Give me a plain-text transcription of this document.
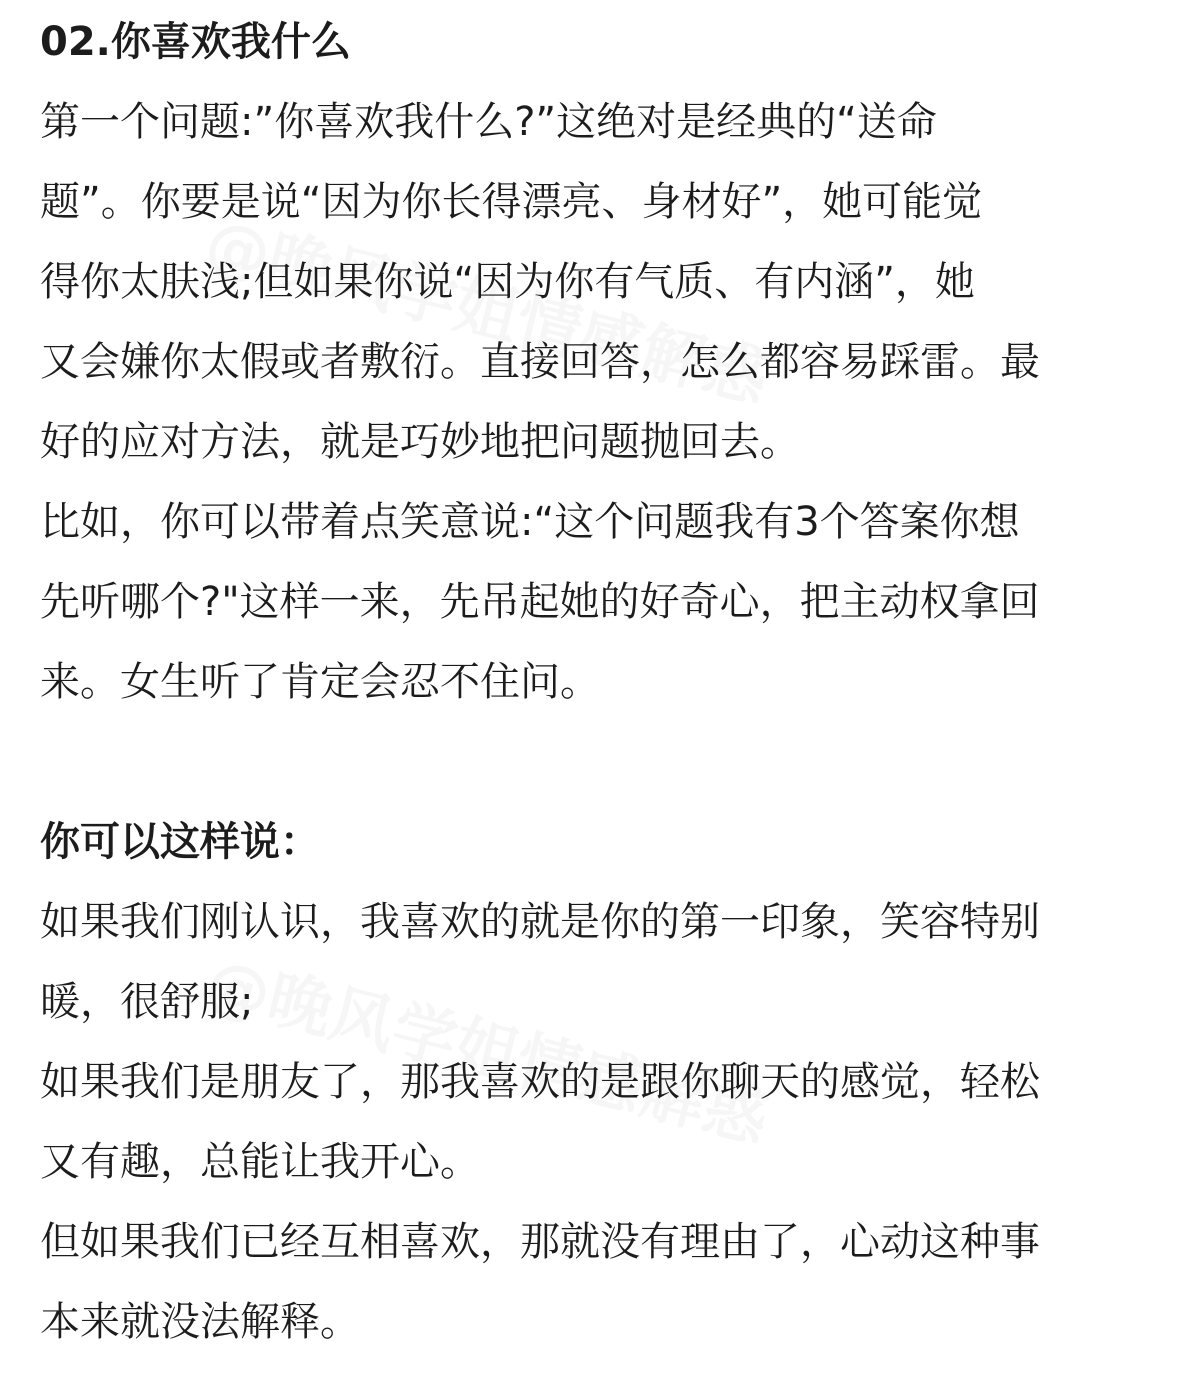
02.你喜欢我什么

第一个问题:”你喜欢我什么?”这绝对是经典的“送命

题”。你要是说“因为你长得漂亮、身材好”，她可能觉

得你太肤浅;但如果你说“因为你有气质、有内涵”，她

又会嫌你太假或者敷衍。直接回答，怎么都容易踩雷。最

好的应对方法，就是巧妙地把问题抛回去。

比如，你可以带着点笑意说:“这个问题我有3个答案你想

先听哪个?"这样一来，先吊起她的好奇心，把主动权拿回

来。女生听了肯定会忍不住问。

你可以这样说：

如果我们刚认识，我喜欢的就是你的第一印象，笑容特别

暖，很舒服;

如果我们是朋友了，那我喜欢的是跟你聊天的感觉，轻松

又有趣，总能让我开心。

但如果我们已经互相喜欢，那就没有理由了，心动这种事

本来就没法解释。
